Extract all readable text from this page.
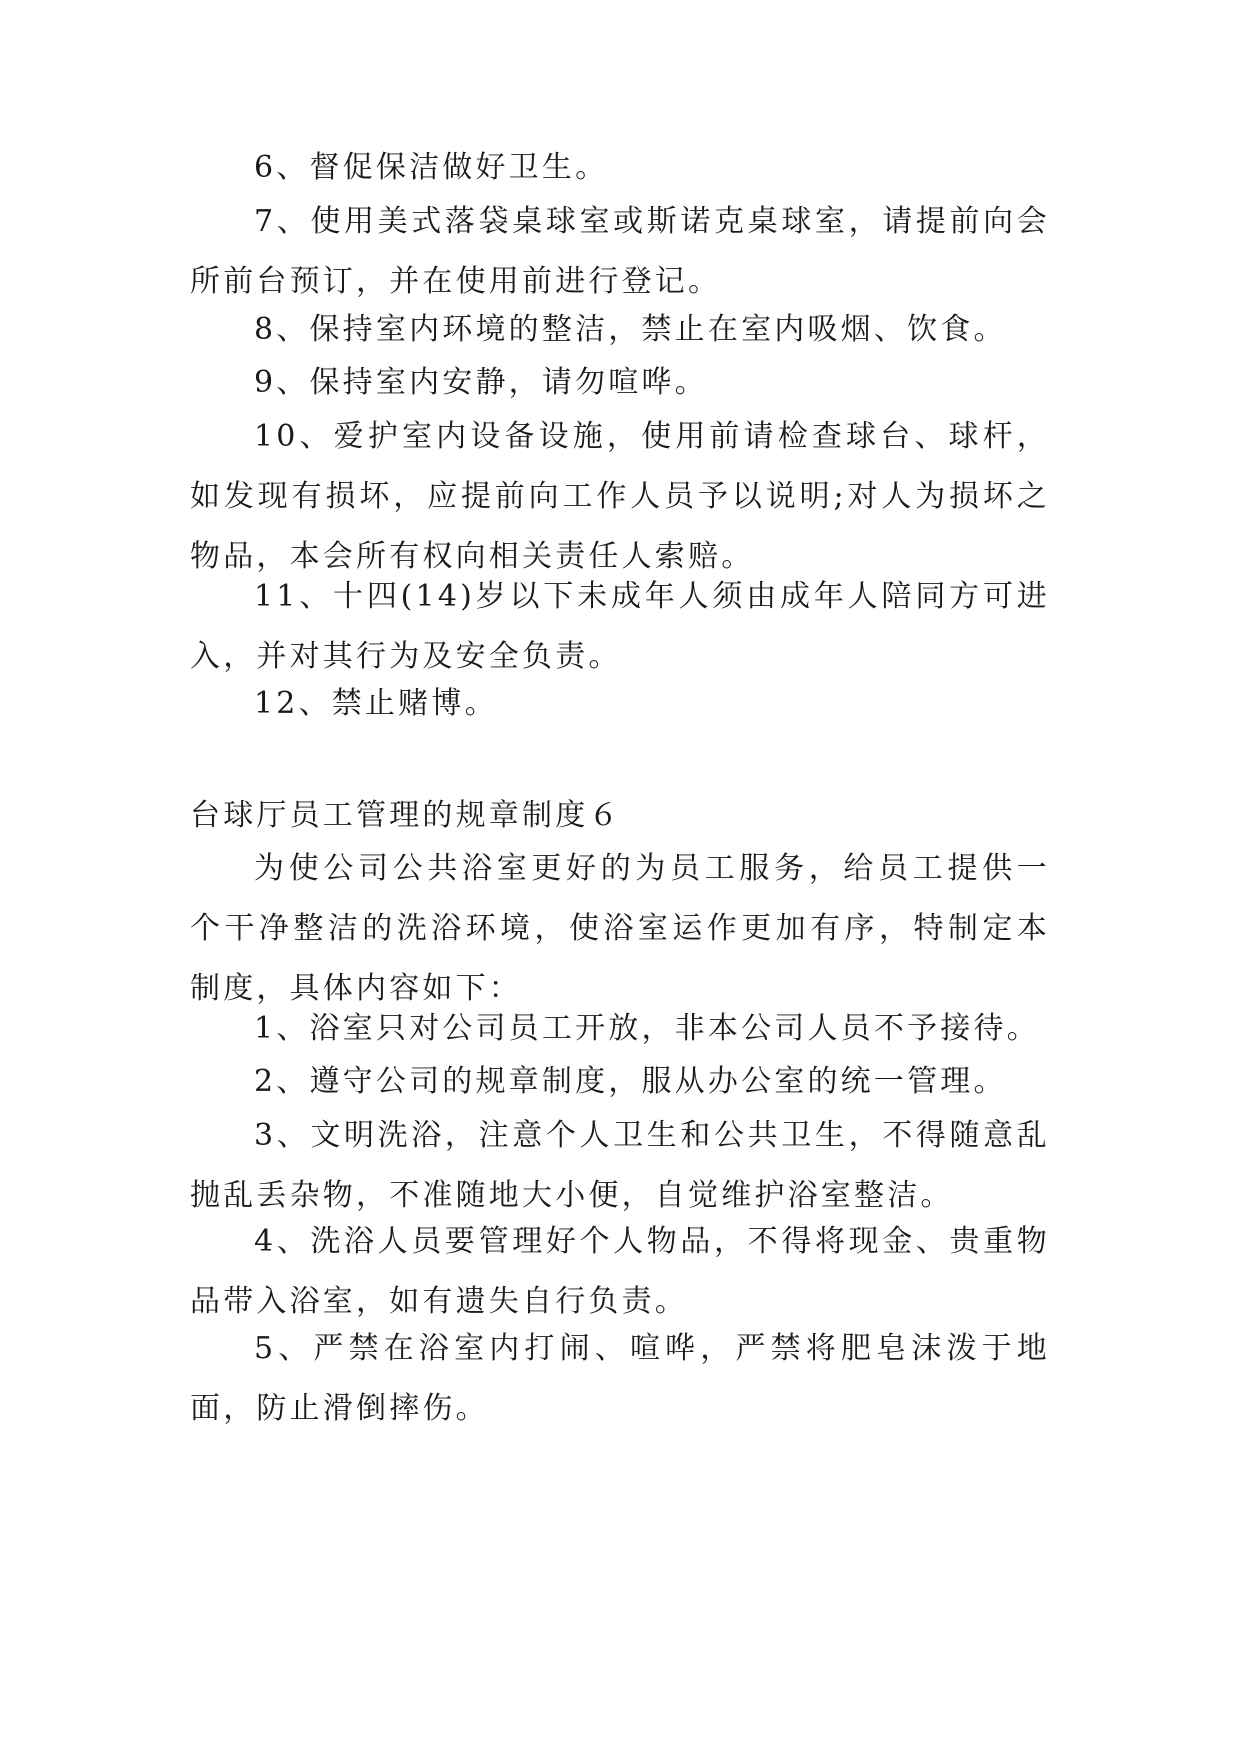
6、督促保洁做好卫生。

7、使用美式落袋桌球室或斯诺克桌球室，请提前向会所前台预订，并在使用前进行登记。

8、保持室内环境的整洁，禁止在室内吸烟、饮食。

9、保持室内安静，请勿喧哗。

10、爱护室内设备设施，使用前请检查球台、球杆，如发现有损坏，应提前向工作人员予以说明;对人为损坏之物品，本会所有权向相关责任人索赔。

11、十四(14)岁以下未成年人须由成年人陪同方可进入，并对其行为及安全负责。

12、禁止赌博。

台球厅员工管理的规章制度６

为使公司公共浴室更好的为员工服务，给员工提供一个干净整洁的洗浴环境，使浴室运作更加有序，特制定本制度，具体内容如下：

1、浴室只对公司员工开放，非本公司人员不予接待。

2、遵守公司的规章制度，服从办公室的统一管理。

3、文明洗浴，注意个人卫生和公共卫生，不得随意乱抛乱丢杂物，不准随地大小便，自觉维护浴室整洁。

4、洗浴人员要管理好个人物品，不得将现金、贵重物品带入浴室，如有遗失自行负责。

5、严禁在浴室内打闹、喧哗，严禁将肥皂沫泼于地面，防止滑倒摔伤。
